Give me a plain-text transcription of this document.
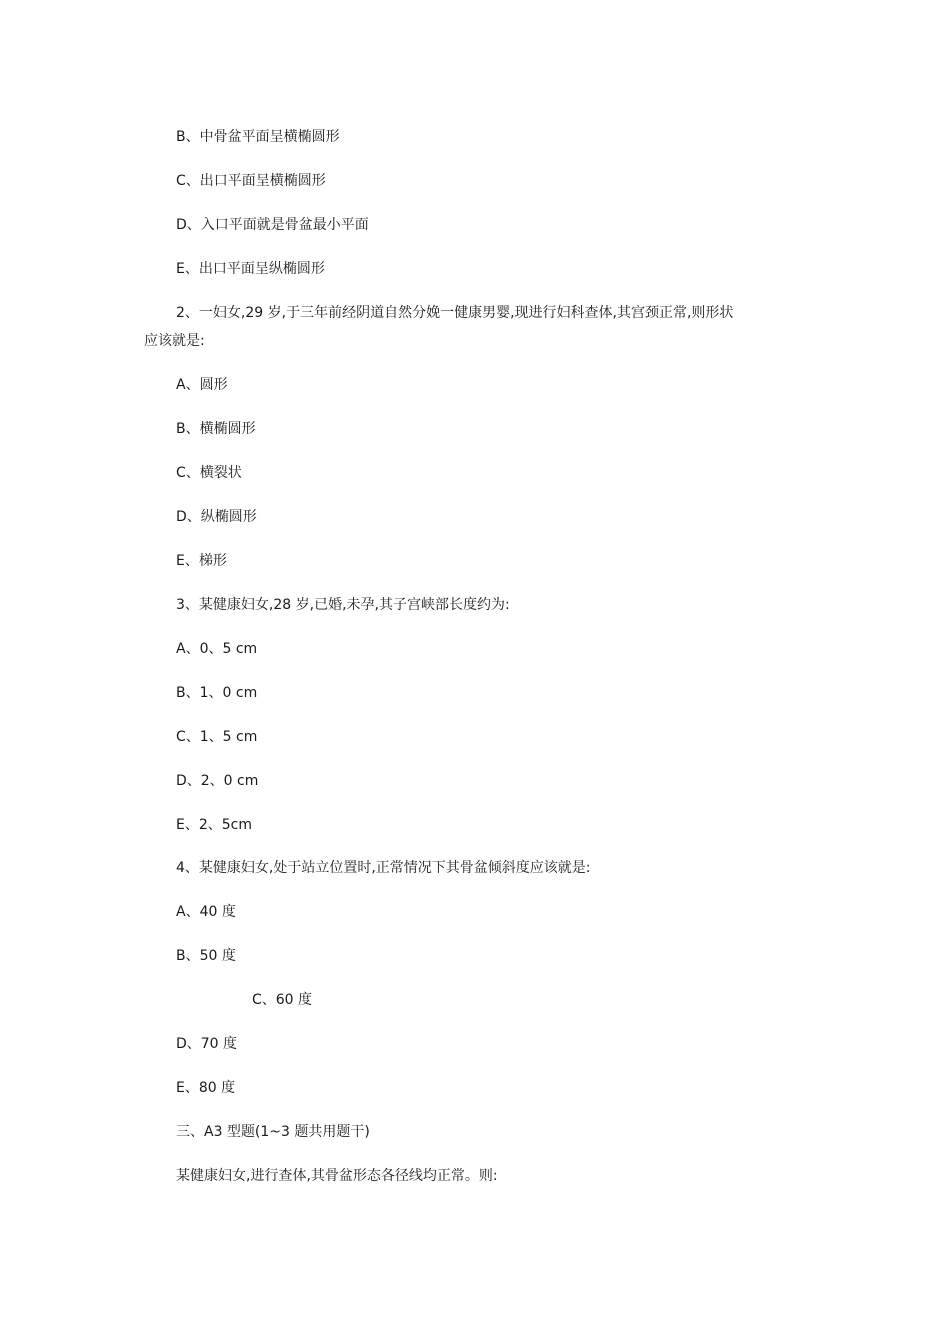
B、中骨盆平面呈横椭圆形
C、出口平面呈横椭圆形
D、入口平面就是骨盆最小平面
E、出口平面呈纵椭圆形
2、一妇女,29 岁,于三年前经阴道自然分娩一健康男婴,现进行妇科查体,其宫颈正常,则形状
应该就是:
A、圆形
B、横椭圆形
C、横裂状
D、纵椭圆形
E、梯形
3、某健康妇女,28 岁,已婚,未孕,其子宫峡部长度约为:
A、0、5 cm
B、1、0 cm
C、1、5 cm
D、2、0 cm
E、2、5cm
4、某健康妇女,处于站立位置时,正常情况下其骨盆倾斜度应该就是:
A、40 度
B、50 度
C、60 度
D、70 度
E、80 度
三、A3 型题(1~3 题共用题干)
某健康妇女,进行查体,其骨盆形态各径线均正常。则:
